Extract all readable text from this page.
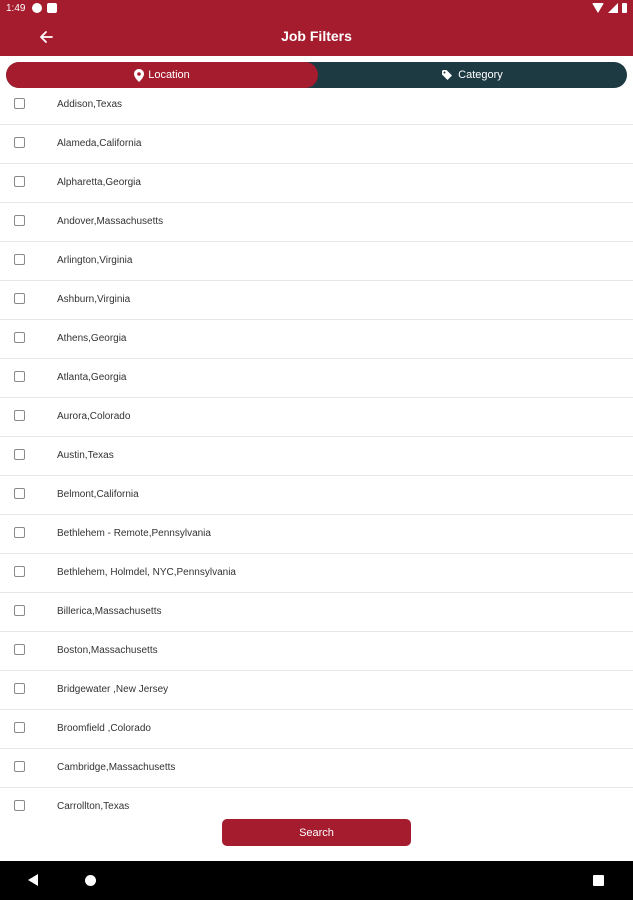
1:49
Job Filters
Location	Category
Addison,Texas
Alameda,California
Alpharetta,Georgia
Andover,Massachusetts
Arlington,Virginia
Ashburn,Virginia
Athens,Georgia
Atlanta,Georgia
Aurora,Colorado
Austin,Texas
Belmont,California
Bethlehem - Remote,Pennsylvania
Bethlehem, Holmdel, NYC,Pennsylvania
Billerica,Massachusetts
Boston,Massachusetts
Bridgewater ,New Jersey
Broomfield ,Colorado
Cambridge,Massachusetts
Carrollton,Texas
Search
